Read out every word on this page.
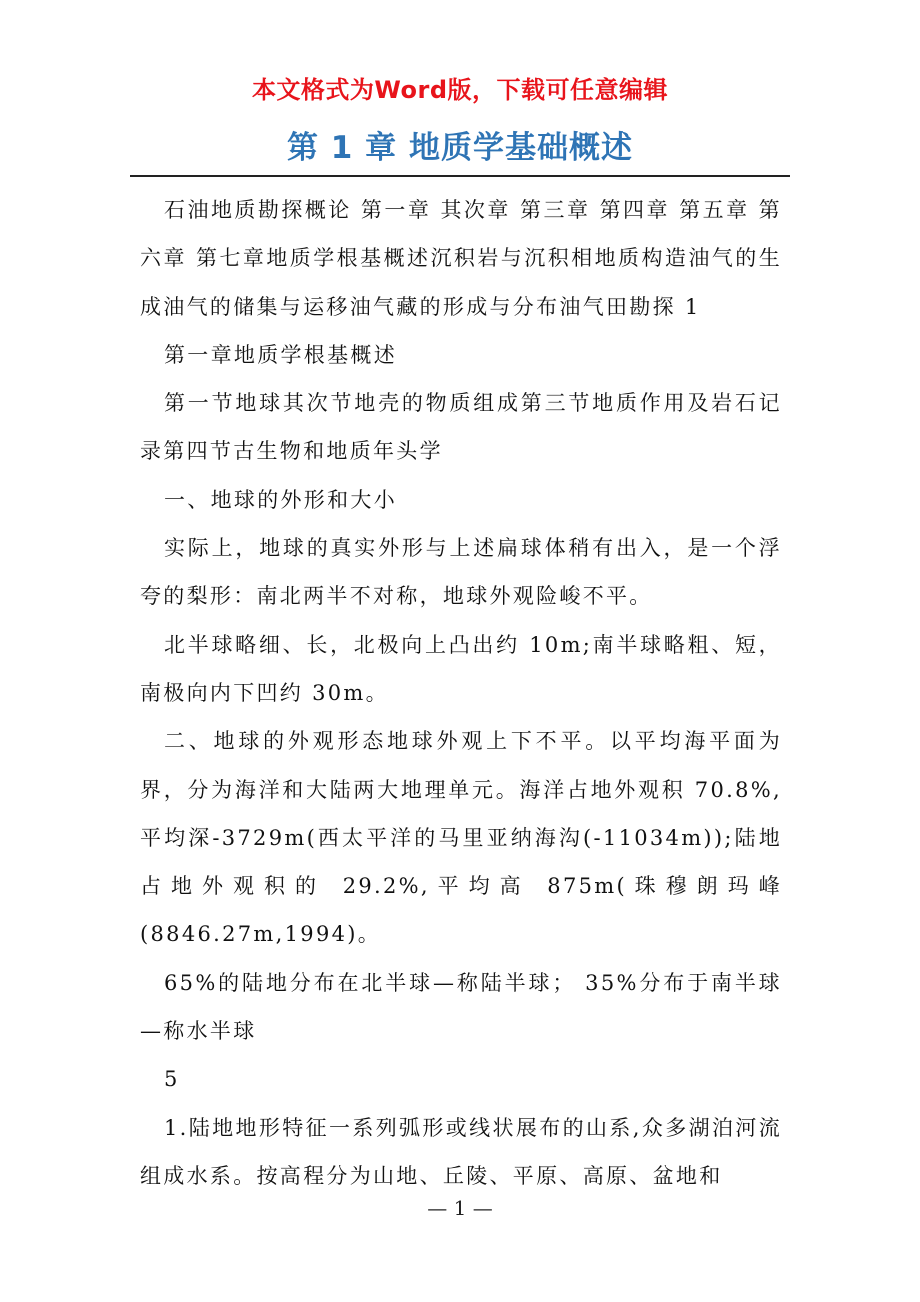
本文格式为Word版，下载可任意编辑
第 1 章 地质学基础概述

石油地质勘探概论 第一章 其次章 第三章 第四章 第五章 第六章 第七章地质学根基概述沉积岩与沉积相地质构造油气的生成油气的储集与运移油气藏的形成与分布油气田勘探 1

第一章地质学根基概述

第一节地球其次节地壳的物质组成第三节地质作用及岩石记录第四节古生物和地质年头学

一、地球的外形和大小

实际上，地球的真实外形与上述扁球体稍有出入，是一个浮夸的梨形：南北两半不对称，地球外观险峻不平。

北半球略细、长，北极向上凸出约 10m;南半球略粗、短，南极向内下凹约 30m。

二、地球的外观形态地球外观上下不平。以平均海平面为界，分为海洋和大陆两大地理单元。海洋占地外观积 70.8%,平均深-3729m(西太平洋的马里亚纳海沟(-11034m));陆地占地外观积的 29.2%,平均高 875m(珠穆朗玛峰 (8846.27m,1994)。

65%的陆地分布在北半球—称陆半球； 35%分布于南半球—称水半球

5

1.陆地地形特征一系列弧形或线状展布的山系,众多湖泊河流组成水系。按高程分为山地、丘陵、平原、高原、盆地和

— 1 —
